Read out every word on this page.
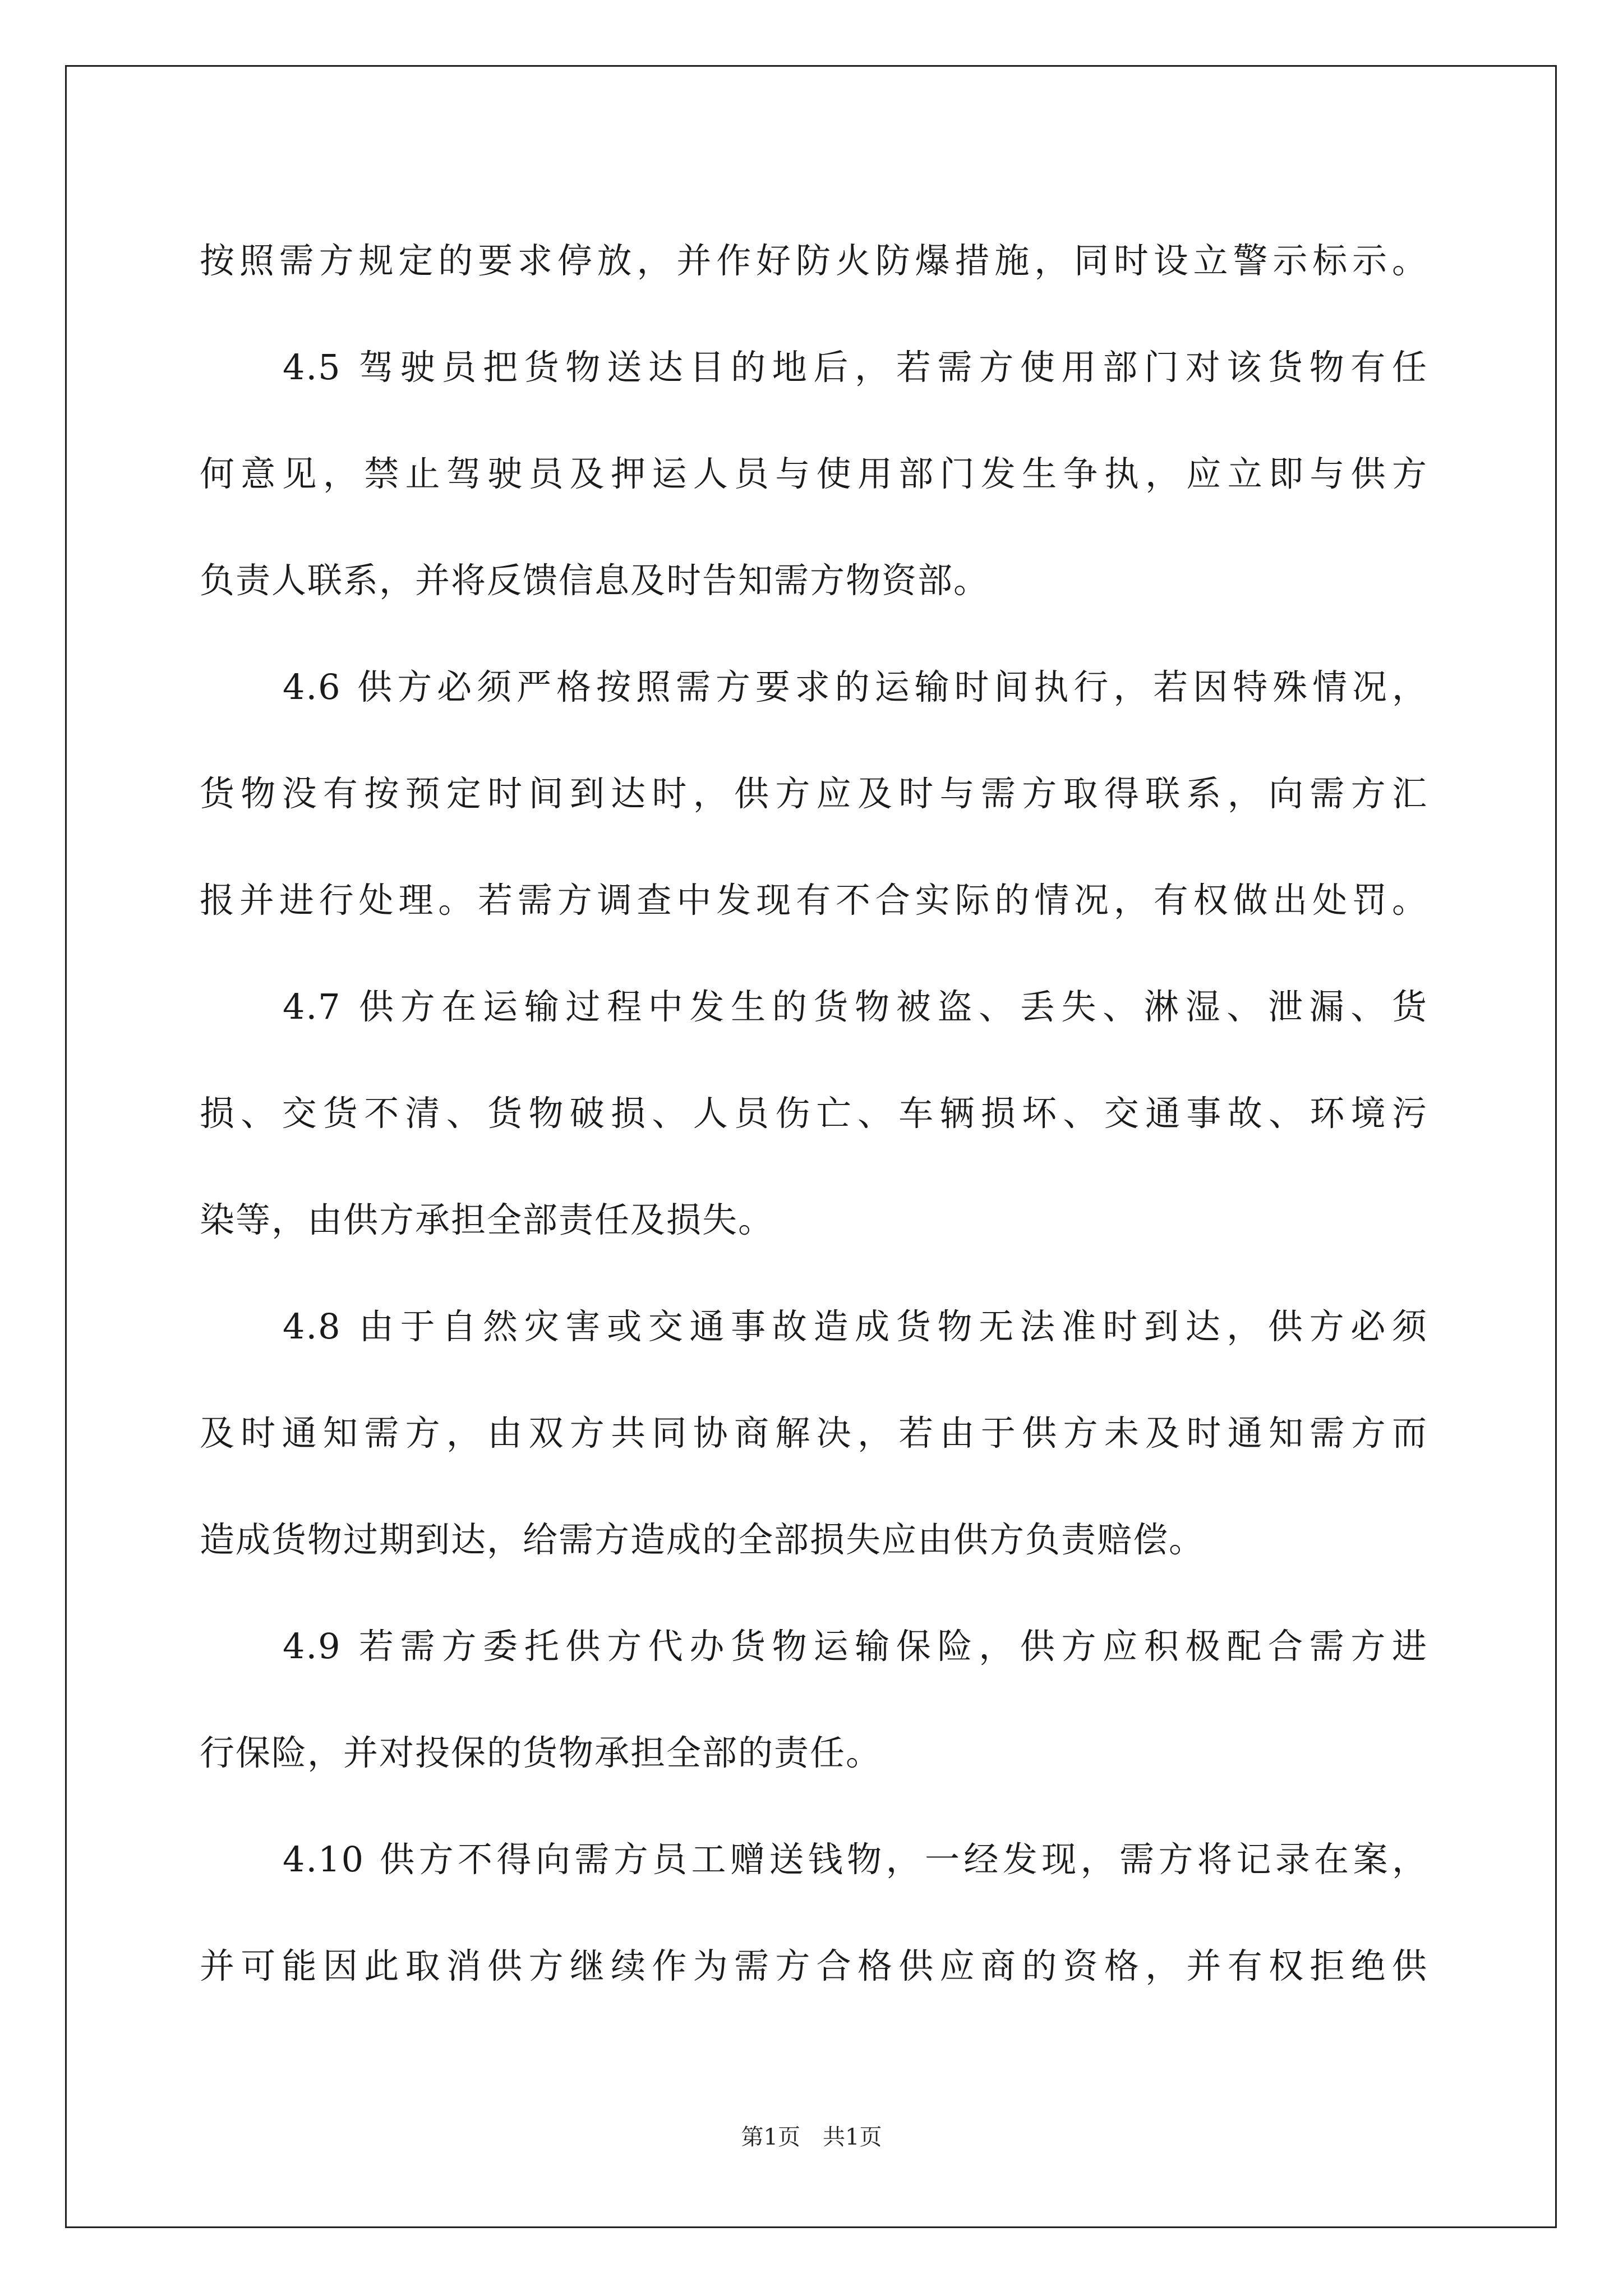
按照需方规定的要求停放，并作好防火防爆措施，同时设立警示标示。

4.5 驾驶员把货物送达目的地后，若需方使用部门对该货物有任

何意见，禁止驾驶员及押运人员与使用部门发生争执，应立即与供方

负责人联系，并将反馈信息及时告知需方物资部。

4.6 供方必须严格按照需方要求的运输时间执行，若因特殊情况，

货物没有按预定时间到达时，供方应及时与需方取得联系，向需方汇

报并进行处理。若需方调查中发现有不合实际的情况，有权做出处罚。

4.7 供方在运输过程中发生的货物被盗、丢失、淋湿、泄漏、货

损、交货不清、货物破损、人员伤亡、车辆损坏、交通事故、环境污

染等，由供方承担全部责任及损失。

4.8 由于自然灾害或交通事故造成货物无法准时到达，供方必须

及时通知需方，由双方共同协商解决，若由于供方未及时通知需方而

造成货物过期到达，给需方造成的全部损失应由供方负责赔偿。

4.9 若需方委托供方代办货物运输保险，供方应积极配合需方进

行保险，并对投保的货物承担全部的责任。

4.10 供方不得向需方员工赠送钱物，一经发现，需方将记录在案，

并可能因此取消供方继续作为需方合格供应商的资格，并有权拒绝供

第1页 共1页
